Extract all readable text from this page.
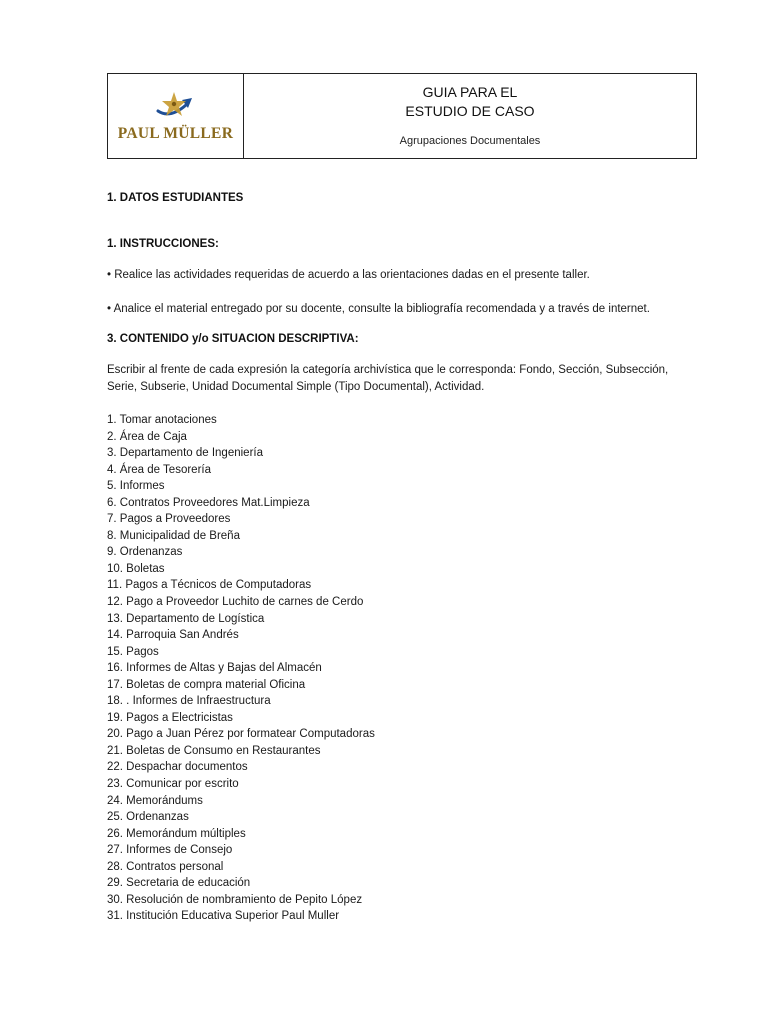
PAUL MÜLLER
GUIA PARA EL
ESTUDIO DE CASO
Agrupaciones Documentales
1. DATOS ESTUDIANTES
1. INSTRUCCIONES:
• Realice las actividades requeridas de acuerdo a las orientaciones dadas en el presente taller.
• Analice el material entregado por su docente, consulte la bibliografía recomendada y a través de internet.
3. CONTENIDO y/o SITUACION DESCRIPTIVA:
Escribir al frente de cada expresión la categoría archivística que le corresponda: Fondo, Sección, Subsección, Serie, Subserie, Unidad Documental Simple (Tipo Documental), Actividad.
1. Tomar anotaciones
2. Área de Caja
3. Departamento de Ingeniería
4. Área de Tesorería
5. Informes
6. Contratos Proveedores Mat.Limpieza
7. Pagos a Proveedores
8. Municipalidad de Breña
9. Ordenanzas
10. Boletas
11. Pagos a Técnicos de Computadoras
12. Pago a Proveedor Luchito de carnes de Cerdo
13. Departamento de Logística
14. Parroquia San Andrés
15. Pagos
16. Informes de Altas y Bajas del Almacén
17. Boletas de compra material Oficina
18. . Informes de Infraestructura
19. Pagos a Electricistas
20. Pago a Juan Pérez por formatear Computadoras
21. Boletas de Consumo en Restaurantes
22. Despachar documentos
23. Comunicar por escrito
24. Memorándums
25. Ordenanzas
26. Memorándum múltiples
27. Informes de Consejo
28. Contratos personal
29. Secretaria de educación
30. Resolución de nombramiento de Pepito López
31. Institución Educativa Superior Paul Muller
